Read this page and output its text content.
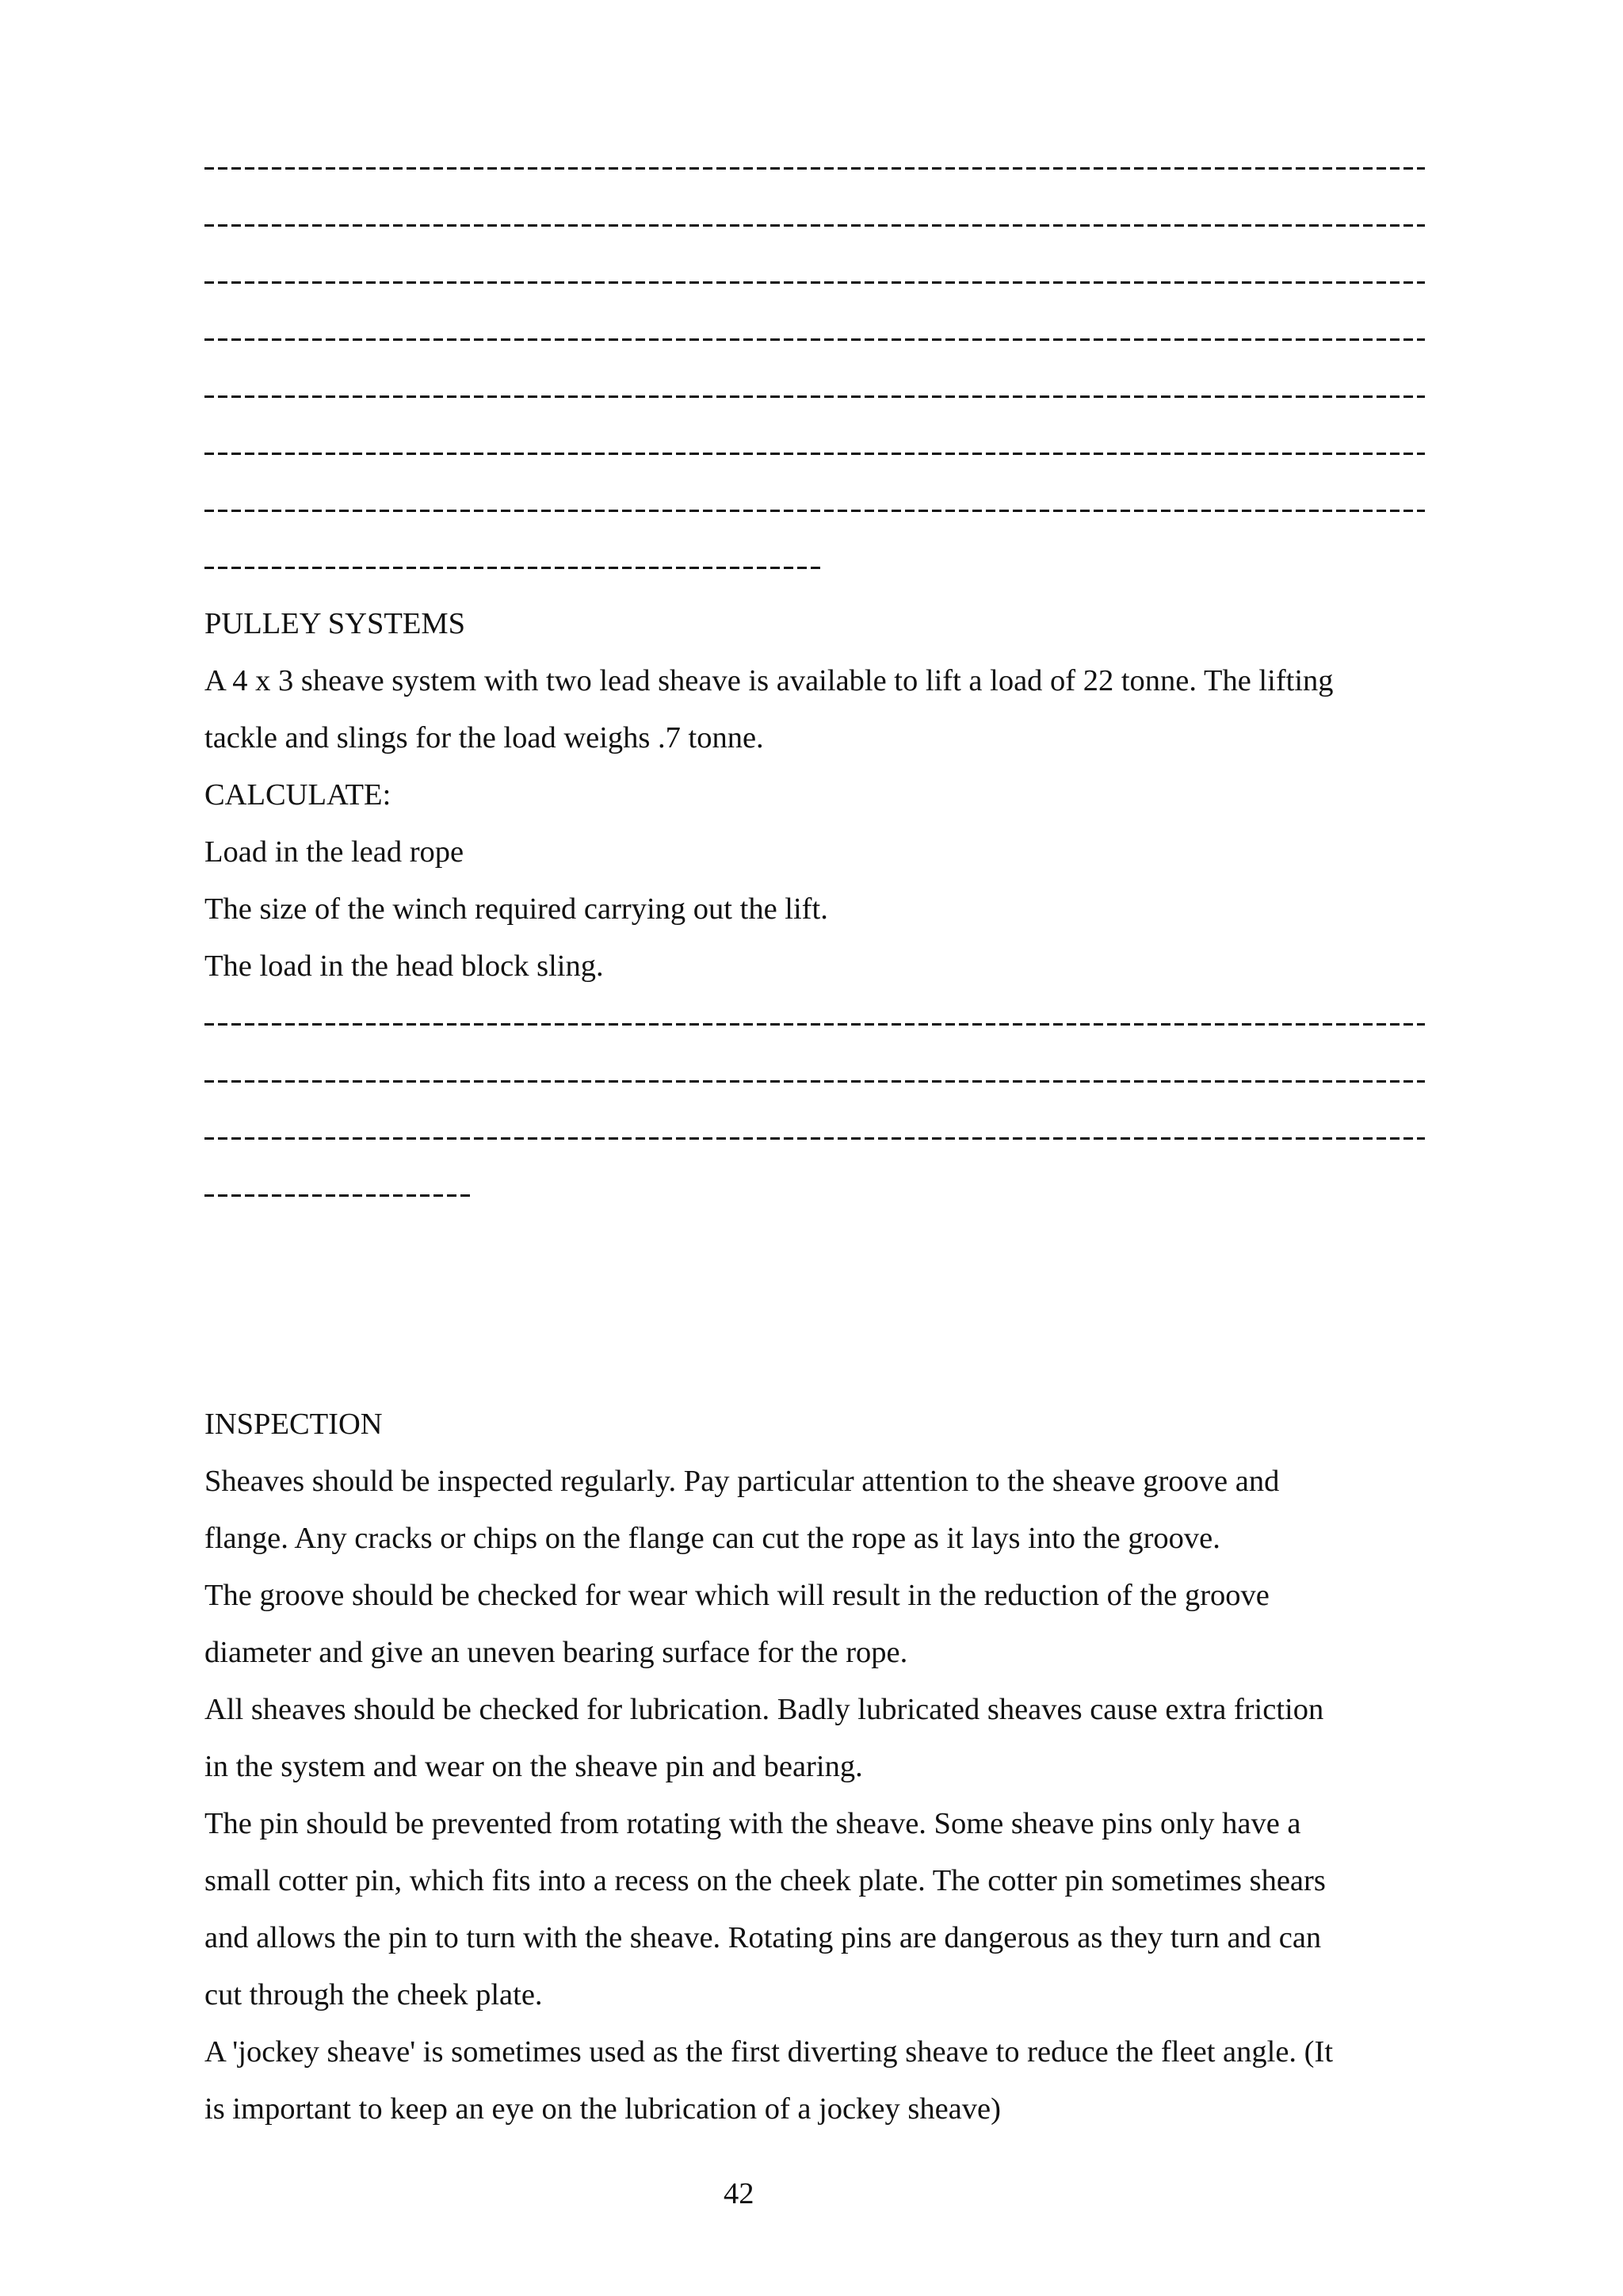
PULLEY SYSTEMS
A 4 x 3 sheave system with two lead sheave is available to lift a load of 22 tonne. The lifting
tackle and slings for the load weighs .7 tonne.
CALCULATE:
Load in the lead rope
The size of the winch required carrying out the lift.
The load in the head block sling.
INSPECTION
Sheaves should be inspected regularly. Pay particular attention to the sheave groove and
flange. Any cracks or chips on the flange can cut the rope as it lays into the groove.
The groove should be checked for wear which will result in the reduction of the groove
diameter and give an uneven bearing surface for the rope.
All sheaves should be checked for lubrication. Badly lubricated sheaves cause extra friction
in the system and wear on the sheave pin and bearing.
The pin should be prevented from rotating with the sheave. Some sheave pins only have a
small cotter pin, which fits into a recess on the cheek plate. The cotter pin sometimes shears
and allows the pin to turn with the sheave. Rotating pins are dangerous as they turn and can
cut through the cheek plate.
A 'jockey sheave' is sometimes used as the first diverting sheave to reduce the fleet angle. (It
is important to keep an eye on the lubrication of a jockey sheave)
42
